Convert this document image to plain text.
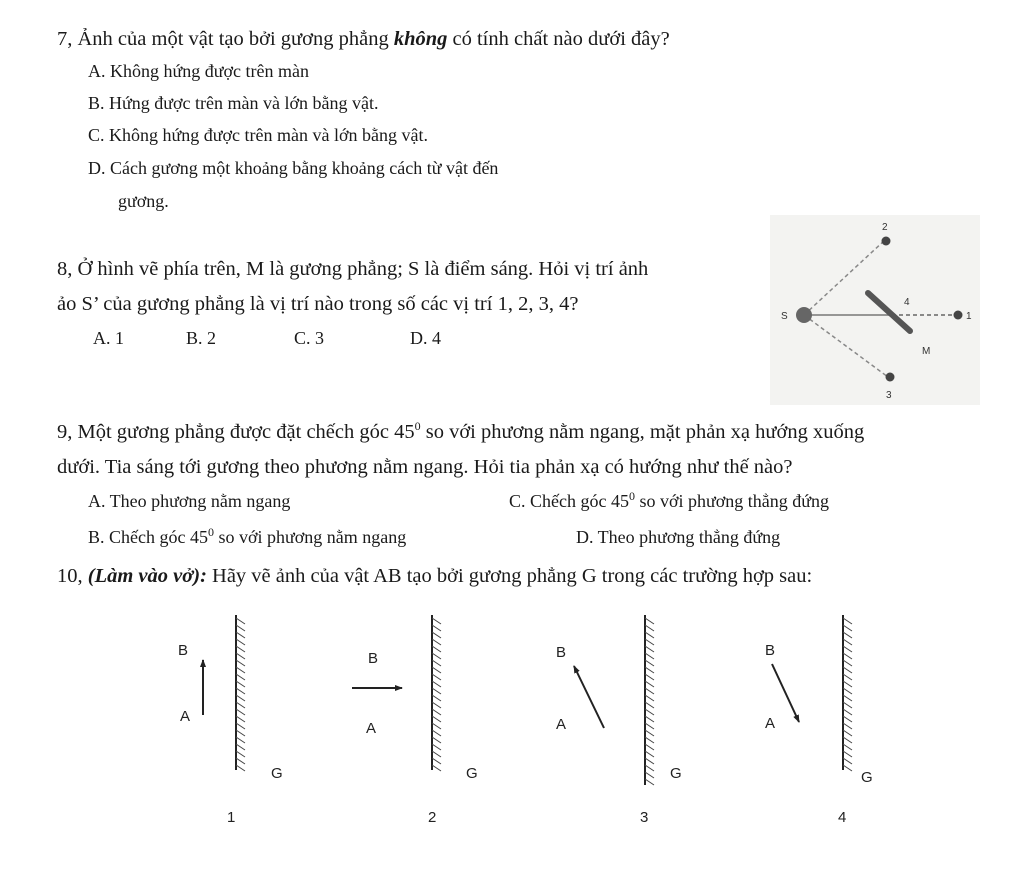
7, Ảnh của một vật tạo bởi gương phẳng không có tính chất nào dưới đây?
A. Không hứng được trên màn
B. Hứng được trên màn và lớn bằng vật.
C. Không hứng được trên màn và lớn bằng vật.
D. Cách gương một khoảng bằng khoảng cách từ vật đến
gương.
8, Ở hình vẽ phía trên, M là gương phẳng; S là điểm sáng. Hỏi vị trí ảnh
ảo S’ của gương phẳng là vị trí nào trong số các vị trí 1, 2, 3, 4?
A. 1	B. 2	C. 3	D. 4
S
M
1
2
3
4
9, Một gương phẳng được đặt chếch góc $45^0$ so với phương nằm ngang, mặt phản xạ hướng xuống
dưới. Tia sáng tới gương theo phương nằm ngang. Hỏi tia phản xạ có hướng như thế nào?
A. Theo phương nằm ngang	C. Chếch góc $45^0$ so với phương thẳng đứng
B. Chếch góc $45^0$ so với phương nằm ngang	D. Theo phương thẳng đứng
10, (Làm vào vở): Hãy vẽ ảnh của vật AB tạo bởi gương phẳng G trong các trường hợp sau:
B
A
G
1
B
A
G
2
B
A
G
3
B
A
G
4
